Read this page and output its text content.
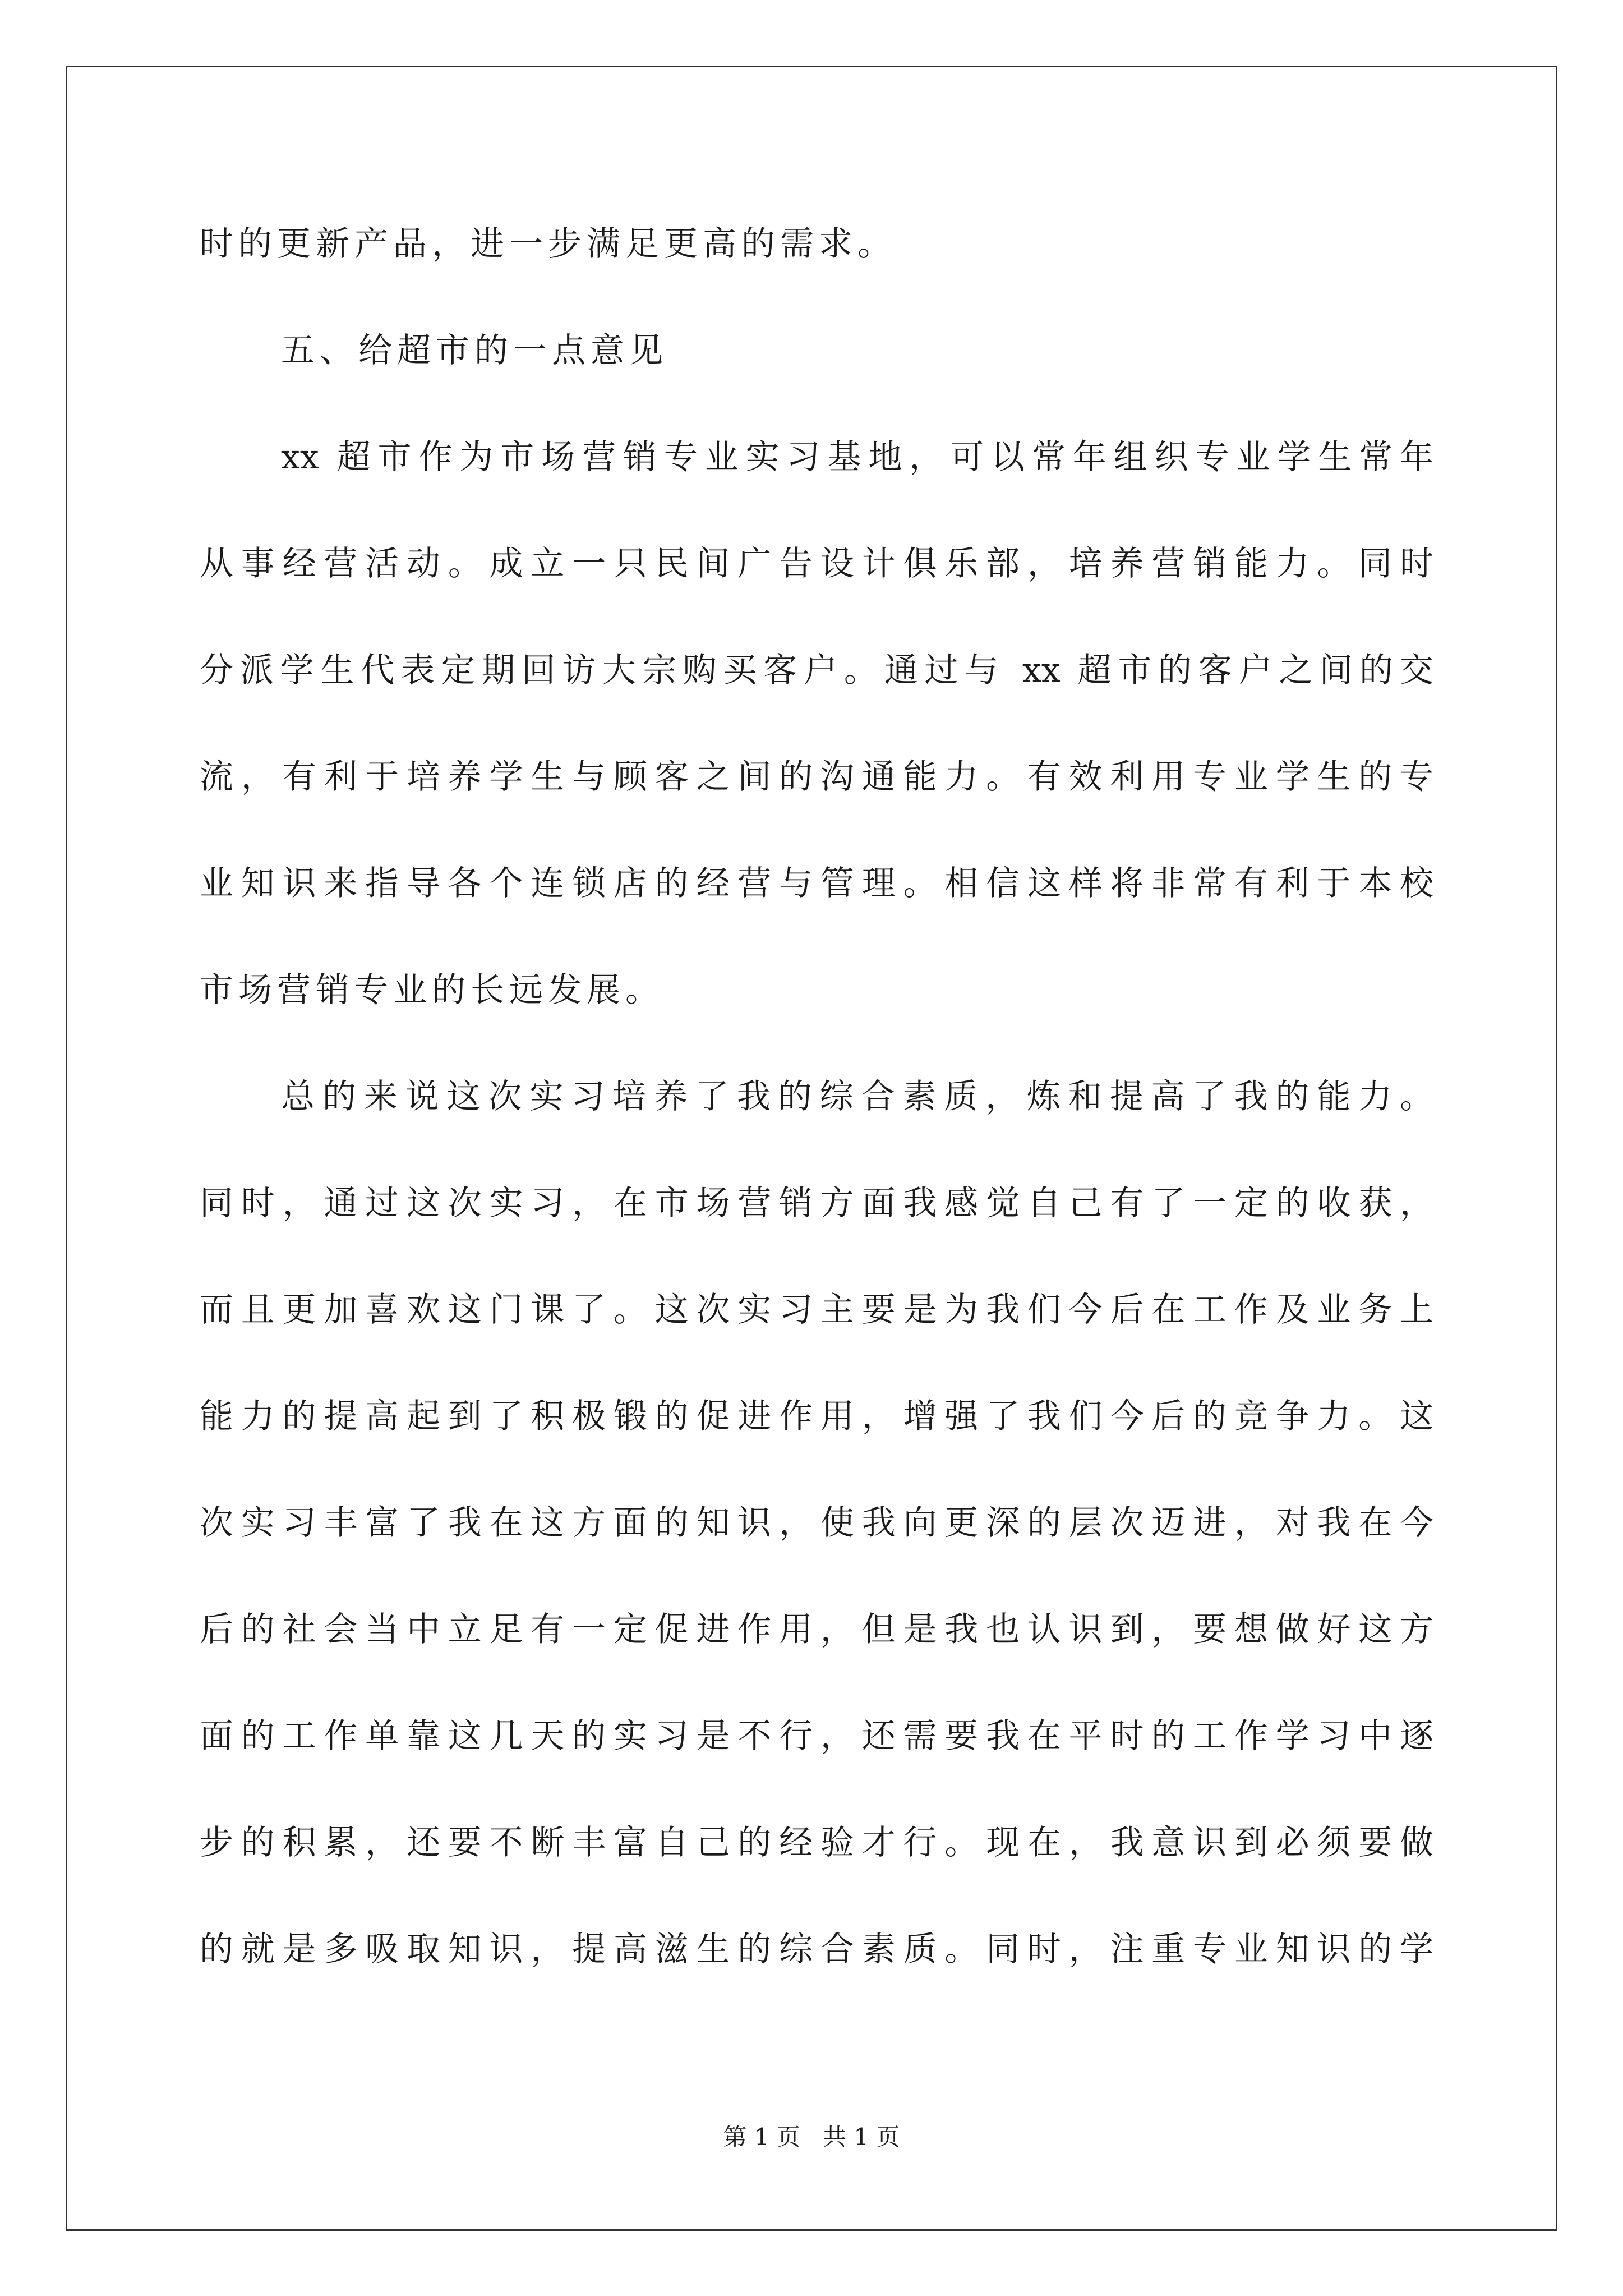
时的更新产品，进一步满足更高的需求。
五、给超市的一点意见
xx 超市作为市场营销专业实习基地，可以常年组织专业学生常年
从事经营活动。成立一只民间广告设计俱乐部，培养营销能力。同时
分派学生代表定期回访大宗购买客户。通过与 xx 超市的客户之间的交
流，有利于培养学生与顾客之间的沟通能力。有效利用专业学生的专
业知识来指导各个连锁店的经营与管理。相信这样将非常有利于本校
市场营销专业的长远发展。
总的来说这次实习培养了我的综合素质，炼和提高了我的能力。
同时，通过这次实习，在市场营销方面我感觉自己有了一定的收获，
而且更加喜欢这门课了。这次实习主要是为我们今后在工作及业务上
能力的提高起到了积极锻的促进作用，增强了我们今后的竞争力。这
次实习丰富了我在这方面的知识，使我向更深的层次迈进，对我在今
后的社会当中立足有一定促进作用，但是我也认识到，要想做好这方
面的工作单靠这几天的实习是不行，还需要我在平时的工作学习中逐
步的积累，还要不断丰富自己的经验才行。现在，我意识到必须要做
的就是多吸取知识，提高滋生的综合素质。同时，注重专业知识的学
第 1 页 共 1 页
